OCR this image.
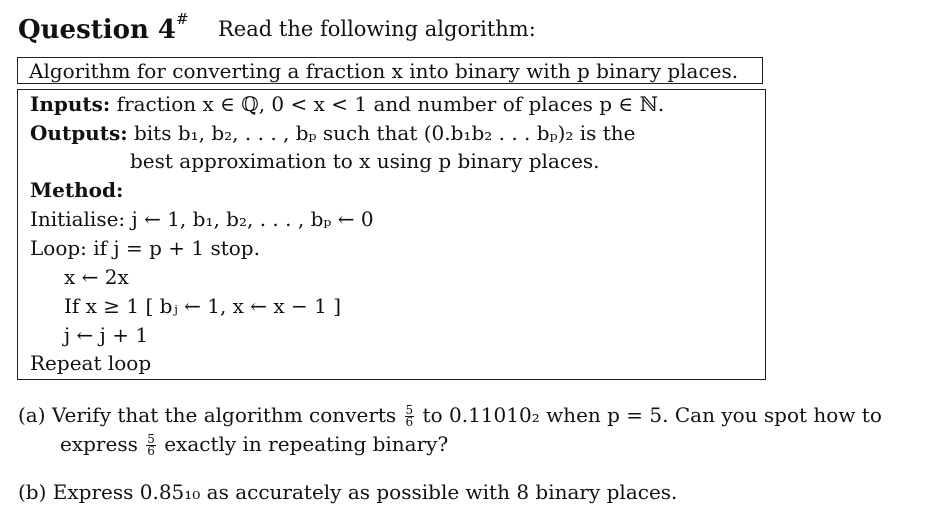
Question 4# Read the following algorithm:
Algorithm for converting a fraction x into binary with p binary places.
Inputs: fraction x ∈ ℚ, 0 < x < 1 and number of places p ∈ ℕ.
Outputs: bits b₁, b₂, . . . , bₚ such that (0.b₁b₂ . . . bₚ)₂ is the
best approximation to x using p binary places.
Method:
Initialise: j ← 1, b₁, b₂, . . . , bₚ ← 0
Loop: if j = p + 1 stop.
x ← 2x
If x ≥ 1 [ bⱼ ← 1, x ← x − 1 ]
j ← j + 1
Repeat loop
(a) Verify that the algorithm converts $\frac{5}{6}$ to 0.11010₂ when p = 5. Can you spot how to
express $\frac{5}{6}$ exactly in repeating binary?
(b) Express 0.85₁₀ as accurately as possible with 8 binary places.
